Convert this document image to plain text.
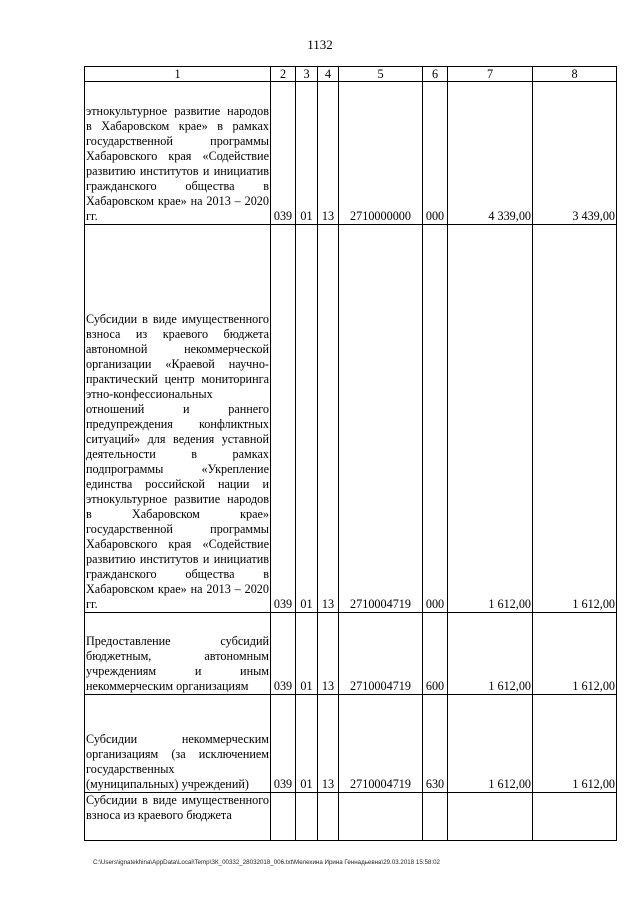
1132
1	2	3	4	5	6	7	8
этнокультурное развитие народов в Хабаровском крае» в рамках государственной программы Хабаровского края «Содействие развитию институтов и инициатив гражданского общества в Хабаровском крае» на 2013 – 2020 гг.	039	01	13	2710000000	000	4 339,00	3 439,00
Субсидии в виде имущественного взноса из краевого бюджета автономной некоммерческой организации «Краевой научно-практический центр мониторинга этно-конфессиональных отношений и раннего предупреждения конфликтных ситуаций» для ведения уставной деятельности в рамках подпрограммы «Укрепление единства российской нации и этнокультурное развитие народов в Хабаровском крае» государственной программы Хабаровского края «Содействие развитию институтов и инициатив гражданского общества в Хабаровском крае» на 2013 – 2020 гг.	039	01	13	2710004719	000	1 612,00	1 612,00
Предоставление субсидий бюджетным, автономным учреждениям и иным некоммерческим организациям	039	01	13	2710004719	600	1 612,00	1 612,00
Субсидии некоммерческим организациям (за исключением государственных (муниципальных) учреждений)	039	01	13	2710004719	630	1 612,00	1 612,00
Субсидии в виде имущественного взноса из краевого бюджета							
C:\Users\ignatekhina\AppData\Local\Temp\ЗК_00332_28032018_006.txt\Мелехина Ирина Геннадьевна\29.03.2018 15:58:02
